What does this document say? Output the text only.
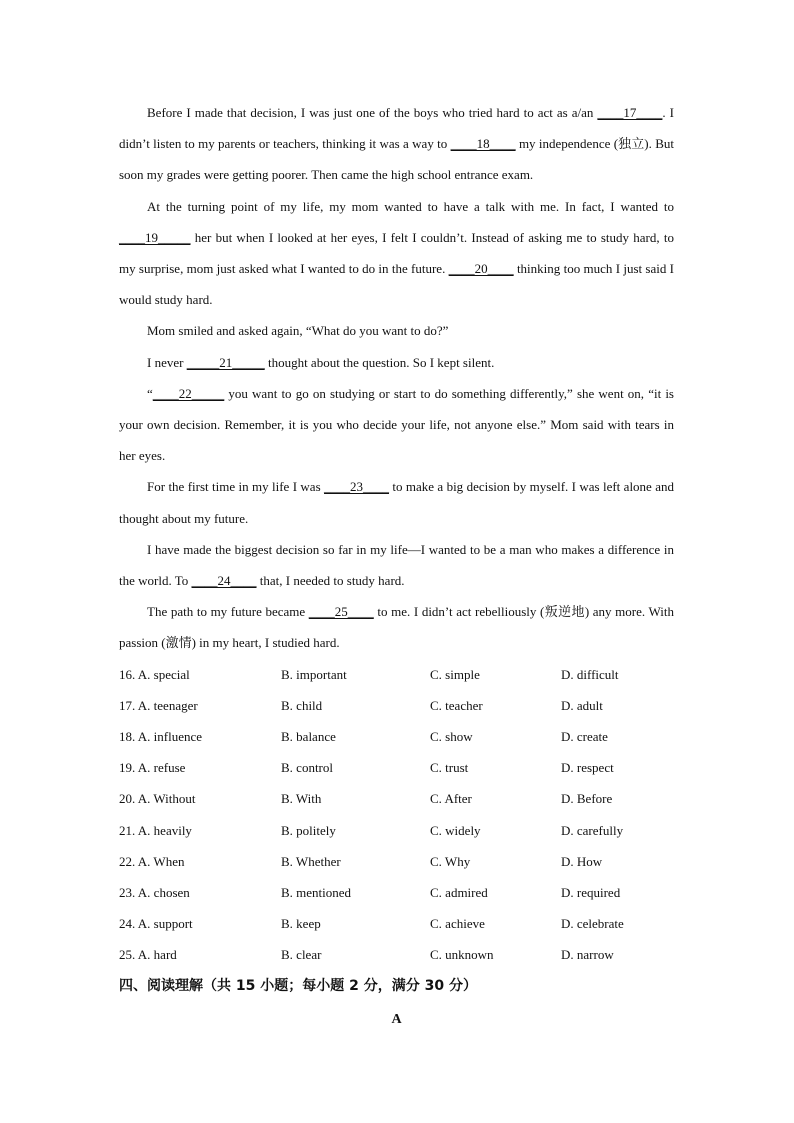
Before I made that decision, I was just one of the boys who tried hard to act as a/an ____17____. I didn’t listen to my parents or teachers, thinking it was a way to ____18____ my independence (独立). But soon my grades were getting poorer. Then came the high school entrance exam.

At the turning point of my life, my mom wanted to have a talk with me. In fact, I wanted to ____19_____ her but when I looked at her eyes, I felt I couldn’t. Instead of asking me to study hard, to my surprise, mom just asked what I wanted to do in the future. ____20____ thinking too much I just said I would study hard.

Mom smiled and asked again, “What do you want to do?”

I never _____21_____ thought about the question. So I kept silent.

“____22_____ you want to go on studying or start to do something differently,” she went on, “it is your own decision. Remember, it is you who decide your life, not anyone else.” Mom said with tears in her eyes.

For the first time in my life I was ____23____ to make a big decision by myself. I was left alone and thought about my future.

I have made the biggest decision so far in my life—I wanted to be a man who makes a difference in the world. To ____24____ that, I needed to study hard.

The path to my future became ____25____ to me. I didn’t act rebelliously (叛逆地) any more. With passion (激情) in my heart, I studied hard.

16. A. special	B. important	C. simple	D. difficult
17. A. teenager	B. child	C. teacher	D. adult
18. A. influence	B. balance	C. show	D. create
19. A. refuse	B. control	C. trust	D. respect
20. A. Without	B. With	C. After	D. Before
21. A. heavily	B. politely	C. widely	D. carefully
22. A. When	B. Whether	C. Why	D. How
23. A. chosen	B. mentioned	C. admired	D. required
24. A. support	B. keep	C. achieve	D. celebrate
25. A. hard	B. clear	C. unknown	D. narrow
四、阅读理解（共 15 小题；每小题 2 分，满分 30 分）
A
